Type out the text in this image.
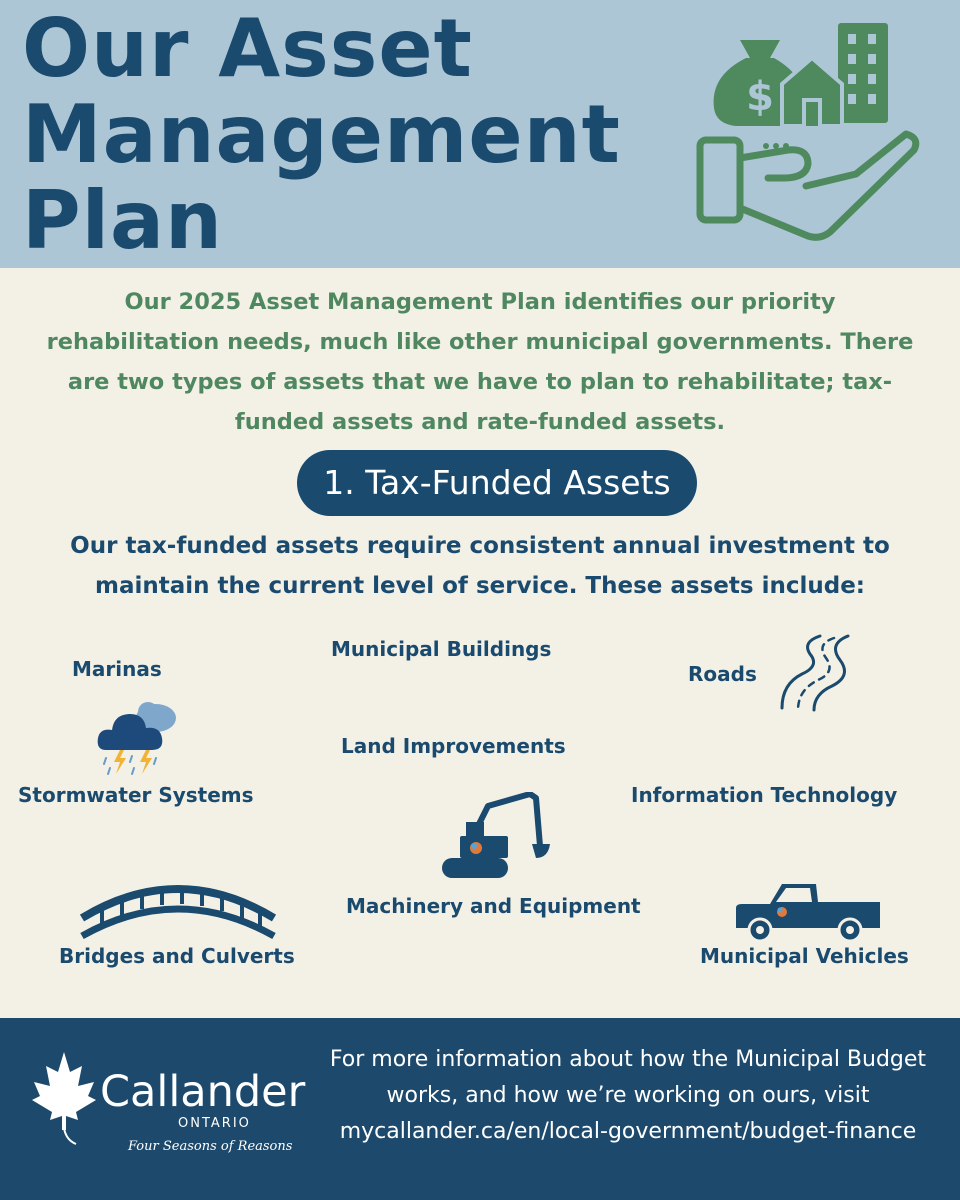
Our Asset Management Plan
$

Our 2025 Asset Management Plan identifies our priority rehabilitation needs, much like other municipal governments. There are two types of assets that we have to plan to rehabilitate; tax-funded assets and rate-funded assets.

1. Tax-Funded Assets

Our tax-funded assets require consistent annual investment to maintain the current level of service. These assets include:

Marinas
Municipal Buildings
Roads
Land Improvements
Stormwater Systems	Information Technology
Machinery and Equipment
Bridges and Culverts	Municipal Vehicles
Callander
ONTARIO
Four Seasons of Reasons

For more information about how the Municipal Budget works, and how we’re working on ours, visit mycallander.ca/en/local-government/budget-finance
